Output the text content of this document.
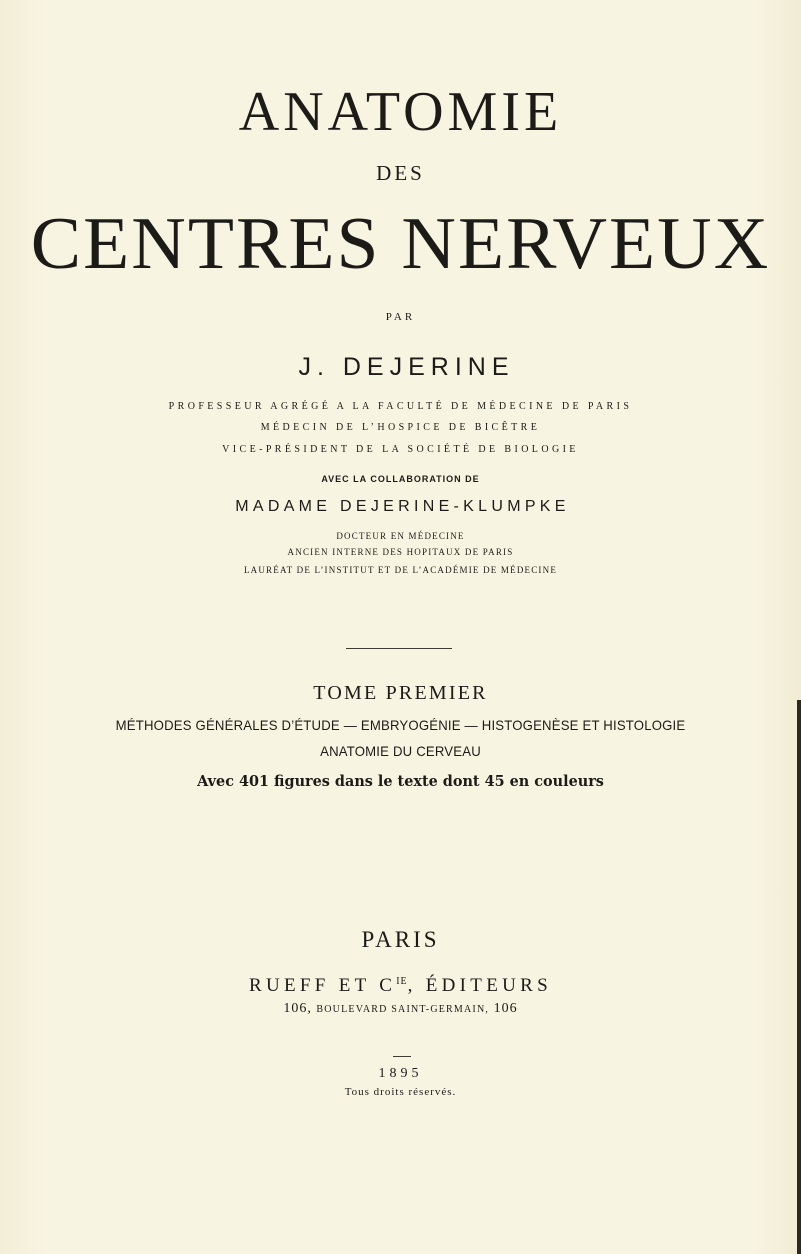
ANATOMIE
DES
CENTRES NERVEUX
PAR
J. DEJERINE
PROFESSEUR AGRÉGÉ A LA FACULTÉ DE MÉDECINE DE PARIS
MÉDECIN DE L’HOSPICE DE BICÊTRE
VICE-PRÉSIDENT DE LA SOCIÉTÉ DE BIOLOGIE
AVEC LA COLLABORATION DE
MADAME DEJERINE-KLUMPKE
DOCTEUR EN MÉDECINE
ANCIEN INTERNE DES HOPITAUX DE PARIS
LAURÉAT DE L’INSTITUT ET DE L’ACADÉMIE DE MÉDECINE
TOME PREMIER
MÉTHODES GÉNÉRALES D’ÉTUDE — EMBRYOGÉNIE — HISTOGENÈSE ET HISTOLOGIE
ANATOMIE DU CERVEAU
Avec 401 figures dans le texte dont 45 en couleurs
PARIS
RUEFF ET $C^{IE}$, ÉDITEURS
106, BOULEVARD SAINT-GERMAIN, 106
1895
Tous droits réservés.
